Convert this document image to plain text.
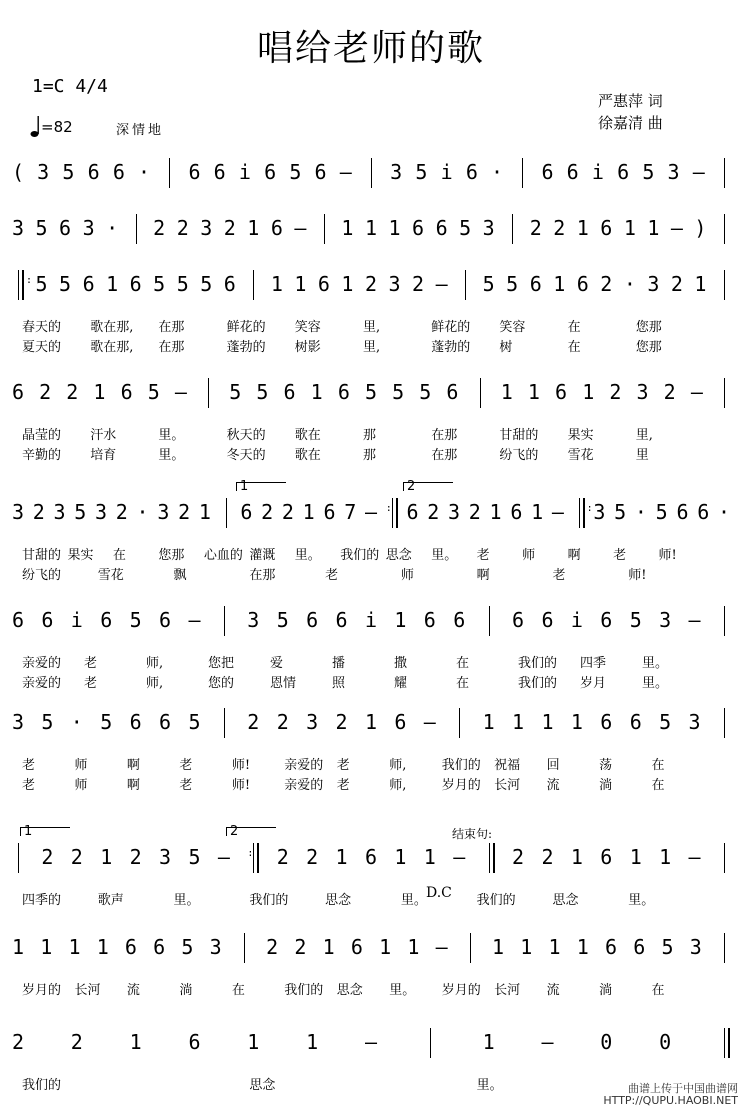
唱给老师的歌
1=C 4/4
=82	深情地
严惠萍 词
徐嘉清 曲
( 3 5 6 6 · 6 6 i 6 5 6 – 3 5 i 6 · 6 6 i 6 5 3 –
3 5 6 3 · 2 2 3 2 1 6 – 1 1 1 6 6 5 3 2 2 1 6 1 1 – )
: 5 5 6 1 6 5 5 5 6 1 1 6 1 2 3 2 – 5 5 6 1 6 2 · 3 2 1
春天的 歌在那, 在那	鲜花的 笑容	里,	鲜花的 笑容	在	您那
夏天的 歌在那, 在那	蓬勃的 树影	里,	蓬勃的 树	在	您那
6 2 2 1 6 5 – 5 5 6 1 6 5 5 5 6 1 1 6 1 2 3 2 –
晶莹的 汗水	里。	秋天的 歌在	那	在那	甘甜的 果实	里,
辛勤的 培育	里。	冬天的 歌在	那	在那	纷飞的 雪花	里
3 2 3 5 3 2 · 3 2 1 6 2 2 1 6 7 – : 6 2 3 2 1 6 1 – : 3 5 · 5 6 6 ·
1	2
甘甜的 果实 在 您那 心血的 灌溉 里。 我们的 思念 里。 老 师 啊 老 师!
纷飞的	雪花	飘	在那	老	师	啊	老	师!
6 6 i 6 5 6 – 3 5 6 6 i 1 6 6 6 6 i 6 5 3 –
亲爱的 老	师,	您把	爱	播	撒	在	我们的 四季	里。
亲爱的 老	师,	您的	恩情	照	耀	在	我们的 岁月	里。
3 5 · 5 6 6 5 2 2 3 2 1 6 – 1 1 1 1 6 6 5 3
老	师	啊	老	师!	亲爱的 老	师,	我们的 祝福 回	荡	在
老	师	啊	老	师!	亲爱的 老	师,	岁月的 长河 流	淌	在
2 2 1 2 3 5 – : 2 2 1 6 1 1 – 2 2 1 6 1 1 –
1	2	结束句:
D.C
四季的	歌声	里。	我们的	思念	里。	我们的	思念	里。
1 1 1 1 6 6 5 3 2 2 1 6 1 1 – 1 1 1 1 6 6 5 3
岁月的 长河 流	淌	在	我们的 思念 里。 岁月的 长河 流	淌	在
2 2 1 6 1 1 –	1 – 0 0
我们的	思念	里。	曲谱上传于中国曲谱网
HTTP://QUPU.HAOBI.NET
